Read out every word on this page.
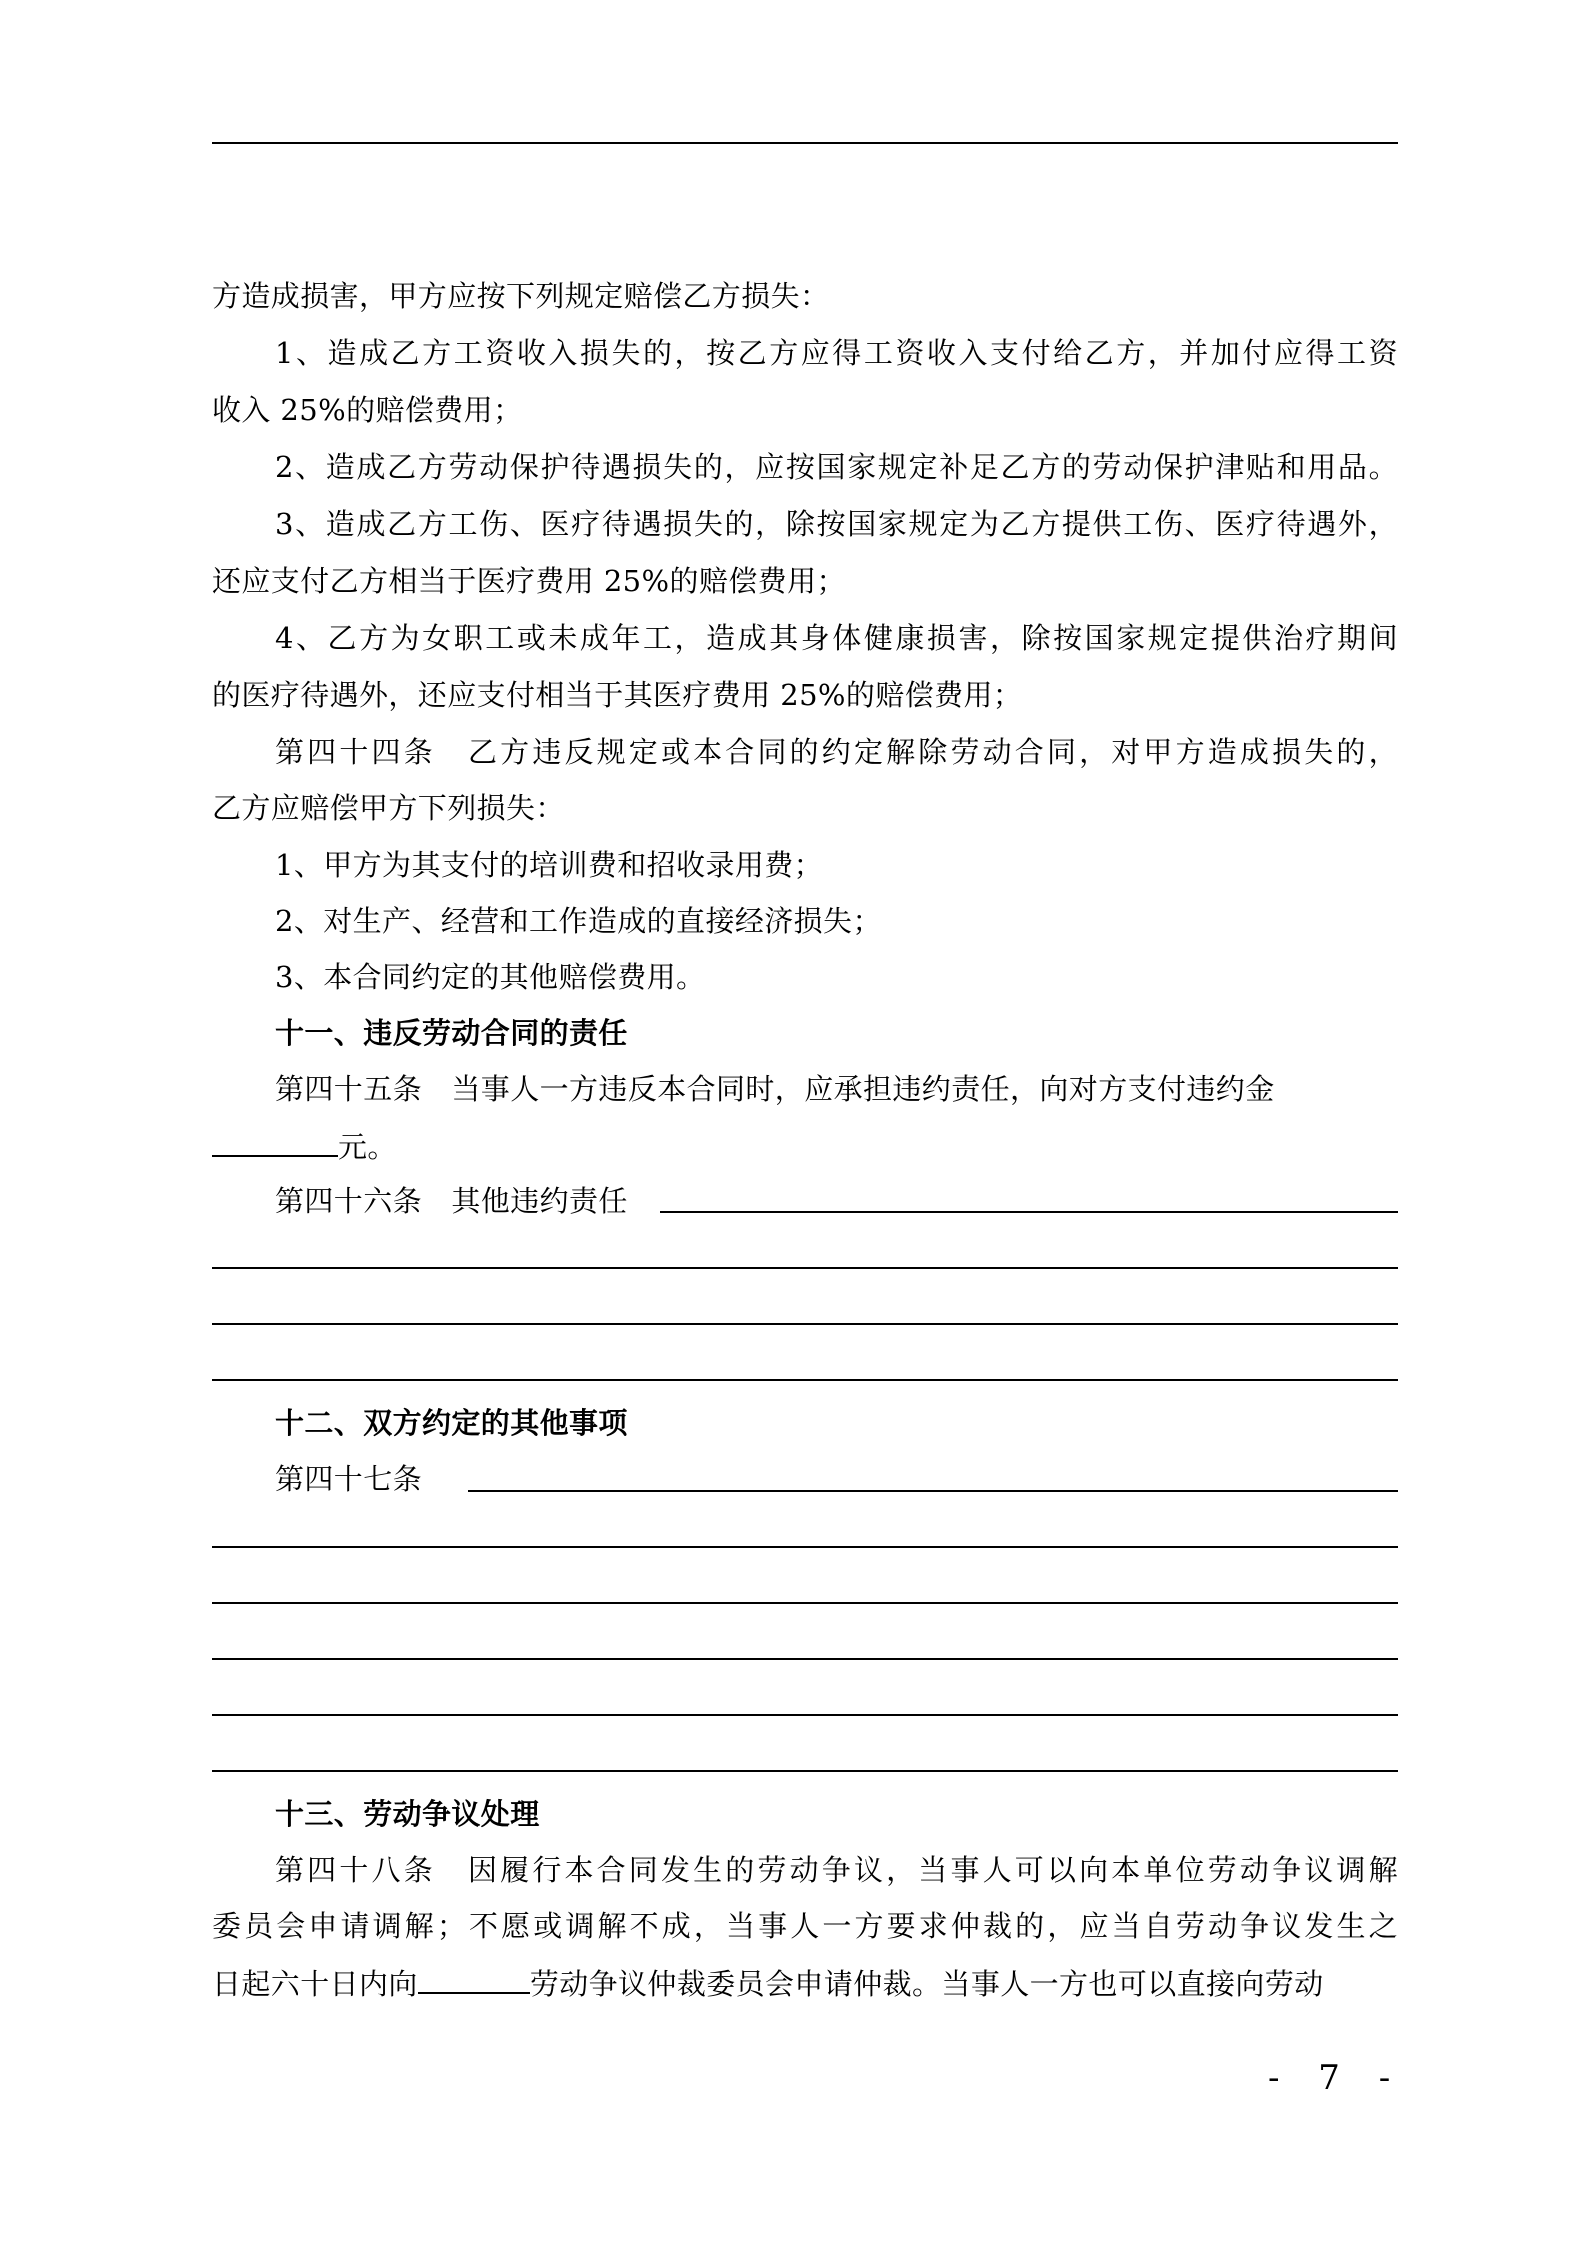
方造成损害，甲方应按下列规定赔偿乙方损失：
1、造成乙方工资收入损失的，按乙方应得工资收入支付给乙方，并加付应得工资
收入 25%的赔偿费用；
2、造成乙方劳动保护待遇损失的，应按国家规定补足乙方的劳动保护津贴和用品。
3、造成乙方工伤、医疗待遇损失的，除按国家规定为乙方提供工伤、医疗待遇外，
还应支付乙方相当于医疗费用 25%的赔偿费用；
4、乙方为女职工或未成年工，造成其身体健康损害，除按国家规定提供治疗期间
的医疗待遇外，还应支付相当于其医疗费用 25%的赔偿费用；
第四十四条　乙方违反规定或本合同的约定解除劳动合同，对甲方造成损失的，
乙方应赔偿甲方下列损失：
1、甲方为其支付的培训费和招收录用费；
2、对生产、经营和工作造成的直接经济损失；
3、本合同约定的其他赔偿费用。
十一、违反劳动合同的责任
第四十五条　当事人一方违反本合同时，应承担违约责任，向对方支付违约金
元。
第四十六条　其他违约责任
十二、双方约定的其他事项
第四十七条
十三、劳动争议处理
第四十八条　因履行本合同发生的劳动争议，当事人可以向本单位劳动争议调解
委员会申请调解；不愿或调解不成，当事人一方要求仲裁的，应当自劳动争议发生之
日起六十日内向	劳动争议仲裁委员会申请仲裁。当事人一方也可以直接向劳动
- 7 -
